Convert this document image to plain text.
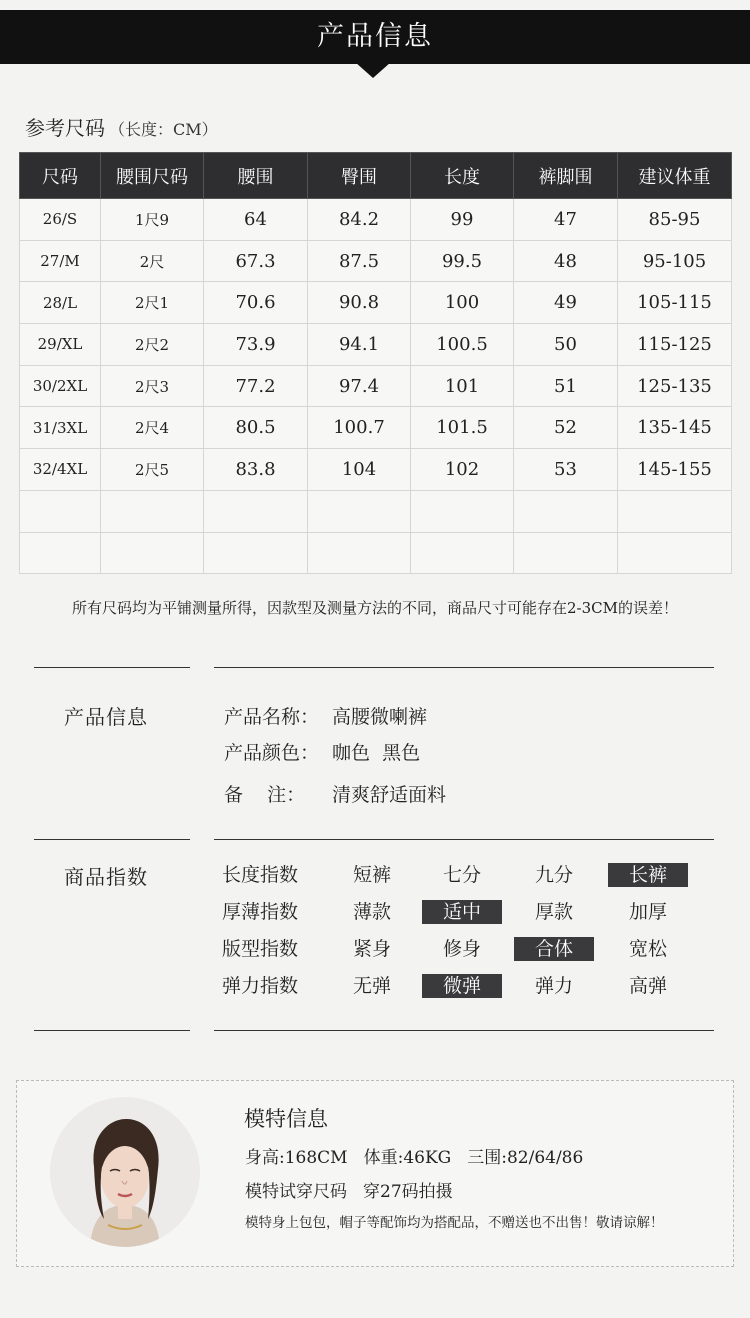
产品信息
参考尺码 （长度：CM）
尺码	腰围尺码	腰围	臀围	长度	裤脚围	建议体重
26/S	1尺9	64	84.2	99	47	85-95
27/M	2尺	67.3	87.5	99.5	48	95-105
28/L	2尺1	70.6	90.8	100	49	105-115
29/XL	2尺2	73.9	94.1	100.5	50	115-125
30/2XL	2尺3	77.2	97.4	101	51	125-135
31/3XL	2尺4	80.5	100.7	101.5	52	135-145
32/4XL	2尺5	83.8	104	102	53	145-155

所有尺码均为平铺测量所得，因款型及测量方法的不同，商品尺寸可能存在2-3CM的误差！
产品信息	产品名称： 高腰微喇裤
产品颜色： 咖色  黑色
备    注： 清爽舒适面料
商品指数	长度指数	短裤	七分	九分	长裤
厚薄指数	薄款	适中	厚款	加厚
版型指数	紧身	修身	合体	宽松
弹力指数	无弹	微弹	弹力	高弹
模特信息
身高:168CM 体重:46KG 三围:82/64/86
模特试穿尺码 穿27码拍摄
模特身上包包，帽子等配饰均为搭配品，不赠送也不出售！敬请谅解！
